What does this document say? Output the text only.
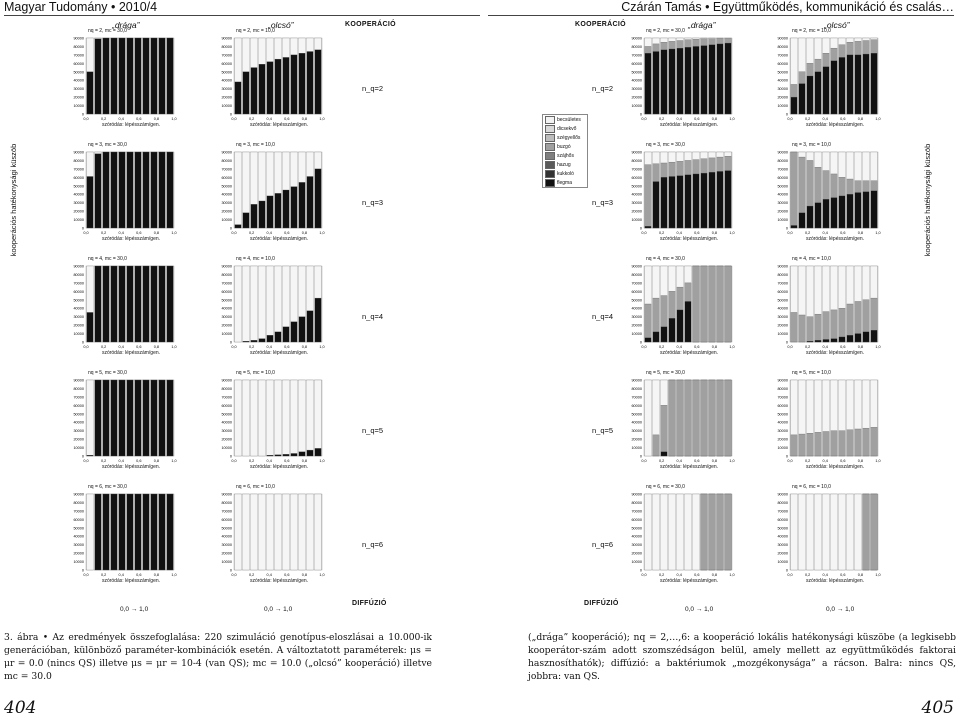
Magyar Tudomány • 2010/4	Czárán Tamás • Együttműködés, kommunikáció és csalás…
„drága”	„olcsó”	KOOPERÁCIÓ	KOOPERÁCIÓ	„drága”	„olcsó”
kooperációs hatékonysági küszöb	kooperációs hatékonysági küszöb
n_q=2	n_q=2
n_q=3	n_q=3
n_q=4	n_q=4
n_q=5	n_q=5
n_q=6	n_q=6
becsületes
dicsekvő
szégyellős
buzgó
szájhős
hazug
kukkoló
flegma
nq = 2, mc = 30,0
0
10000
20000
30000
40000
50000
60000
70000
80000
90000
0,0	0,2	0,4	0,6	0,8	1,0
szóródás: lépésszám/gen.
nq = 2, mc = 10,0
0
10000
20000
30000
40000
50000
60000
70000
80000
90000
0,0	0,2	0,4	0,6	0,8	1,0
szóródás: lépésszám/gen.
nq = 3, mc = 30,0
0
10000
20000
30000
40000
50000
60000
70000
80000
90000
0,0	0,2	0,4	0,6	0,8	1,0
szóródás: lépésszám/gen.
nq = 3, mc = 10,0
0
10000
20000
30000
40000
50000
60000
70000
80000
90000
0,0	0,2	0,4	0,6	0,8	1,0
szóródás: lépésszám/gen.
nq = 4, mc = 30,0
0
10000
20000
30000
40000
50000
60000
70000
80000
90000
0,0	0,2	0,4	0,6	0,8	1,0
szóródás: lépésszám/gen.
nq = 4, mc = 10,0
0
10000
20000
30000
40000
50000
60000
70000
80000
90000
0,0	0,2	0,4	0,6	0,8	1,0
szóródás: lépésszám/gen.
nq = 5, mc = 30,0
0
10000
20000
30000
40000
50000
60000
70000
80000
90000
0,0	0,2	0,4	0,6	0,8	1,0
szóródás: lépésszám/gen.
nq = 5, mc = 10,0
0
10000
20000
30000
40000
50000
60000
70000
80000
90000
0,0	0,2	0,4	0,6	0,8	1,0
szóródás: lépésszám/gen.
nq = 6, mc = 30,0
0
10000
20000
30000
40000
50000
60000
70000
80000
90000
0,0	0,2	0,4	0,6	0,8	1,0
szóródás: lépésszám/gen.
nq = 6, mc = 10,0
0
10000
20000
30000
40000
50000
60000
70000
80000
90000
0,0	0,2	0,4	0,6	0,8	1,0
szóródás: lépésszám/gen.
nq = 2, mc = 30,0
0
10000
20000
30000
40000
50000
60000
70000
80000
90000
0,0	0,2	0,4	0,6	0,8	1,0
szóródás: lépésszám/gen.
nq = 2, mc = 10,0
0
10000
20000
30000
40000
50000
60000
70000
80000
90000
0,0	0,2	0,4	0,6	0,8	1,0
szóródás: lépésszám/gen.
nq = 3, mc = 30,0
0
10000
20000
30000
40000
50000
60000
70000
80000
90000
0,0	0,2	0,4	0,6	0,8	1,0
szóródás: lépésszám/gen.
nq = 3, mc = 10,0
0
10000
20000
30000
40000
50000
60000
70000
80000
90000
0,0	0,2	0,4	0,6	0,8	1,0
szóródás: lépésszám/gen.
nq = 4, mc = 30,0
0
10000
20000
30000
40000
50000
60000
70000
80000
90000
0,0	0,2	0,4	0,6	0,8	1,0
szóródás: lépésszám/gen.
nq = 4, mc = 10,0
0
10000
20000
30000
40000
50000
60000
70000
80000
90000
0,0	0,2	0,4	0,6	0,8	1,0
szóródás: lépésszám/gen.
nq = 5, mc = 30,0
0
10000
20000
30000
40000
50000
60000
70000
80000
90000
0,0	0,2	0,4	0,6	0,8	1,0
szóródás: lépésszám/gen.
nq = 5, mc = 10,0
0
10000
20000
30000
40000
50000
60000
70000
80000
90000
0,0	0,2	0,4	0,6	0,8	1,0
szóródás: lépésszám/gen.
nq = 6, mc = 30,0
0
10000
20000
30000
40000
50000
60000
70000
80000
90000
0,0	0,2	0,4	0,6	0,8	1,0
szóródás: lépésszám/gen.
nq = 6, mc = 10,0
0
10000
20000
30000
40000
50000
60000
70000
80000
90000
0,0	0,2	0,4	0,6	0,8	1,0
szóródás: lépésszám/gen.
DIFFÚZIÓ	DIFFÚZIÓ
0,0 → 1,0	0,0 → 1,0	0,0 → 1,0	0,0 → 1,0
3. ábra • Az eredmények összefoglalása: 220 szimuláció genotípus-eloszlásai a 10.000-ik generációban, különböző paraméter-kombinációk esetén. A változtatott paraméterek: μs = μr = 0.0 (nincs QS) illetve μs = μr = 10-4 (van QS); mc = 10.0 („olcsó” kooperáció) illetve mc = 30.0
(„drága” kooperáció); nq = 2,…,6: a kooperáció lokális hatékonysági küszöbe (a legkisebb kooperátor-szám adott szomszédságon belül, amely mellett az együttműködés faktorai hasznosíthatók); diffúzió: a baktériumok „mozgékonysága” a rácson. Balra: nincs QS, jobbra: van QS.
404	405
